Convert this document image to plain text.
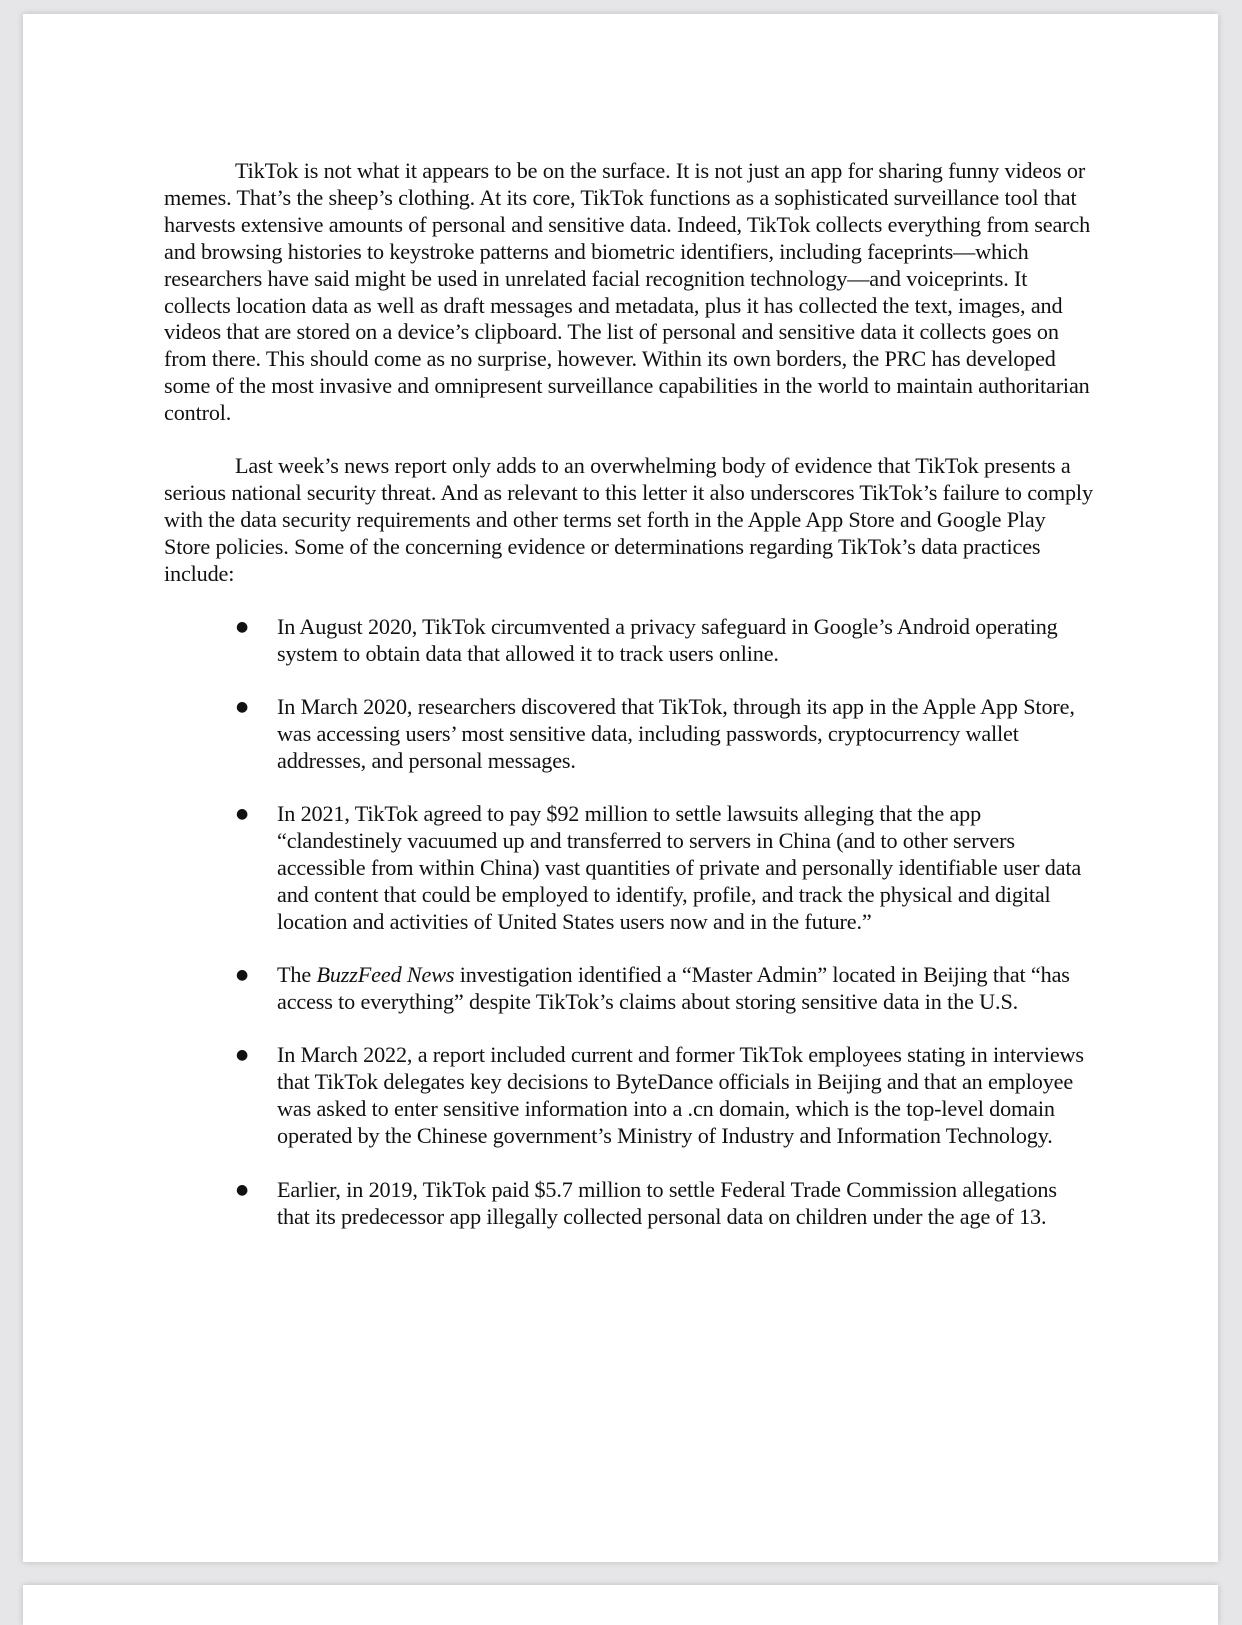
TikTok is not what it appears to be on the surface. It is not just an app for sharing funny videos or memes. That’s the sheep’s clothing. At its core, TikTok functions as a sophisticated surveillance tool that harvests extensive amounts of personal and sensitive data. Indeed, TikTok collects everything from search and browsing histories to keystroke patterns and biometric identifiers, including faceprints—which researchers have said might be used in unrelated facial recognition technology—and voiceprints. It collects location data as well as draft messages and metadata, plus it has collected the text, images, and videos that are stored on a device’s clipboard. The list of personal and sensitive data it collects goes on from there. This should come as no surprise, however. Within its own borders, the PRC has developed some of the most invasive and omnipresent surveillance capabilities in the world to maintain authoritarian control.

Last week’s news report only adds to an overwhelming body of evidence that TikTok presents a serious national security threat. And as relevant to this letter it also underscores TikTok’s failure to comply with the data security requirements and other terms set forth in the Apple App Store and Google Play Store policies. Some of the concerning evidence or determinations regarding TikTok’s data practices include:

● In August 2020, TikTok circumvented a privacy safeguard in Google’s Android operating system to obtain data that allowed it to track users online.
● In March 2020, researchers discovered that TikTok, through its app in the Apple App Store, was accessing users’ most sensitive data, including passwords, cryptocurrency wallet addresses, and personal messages.
● In 2021, TikTok agreed to pay $92 million to settle lawsuits alleging that the app “clandestinely vacuumed up and transferred to servers in China (and to other servers accessible from within China) vast quantities of private and personally identifiable user data and content that could be employed to identify, profile, and track the physical and digital location and activities of United States users now and in the future.”
● The BuzzFeed News investigation identified a “Master Admin” located in Beijing that “has access to everything” despite TikTok’s claims about storing sensitive data in the U.S.
● In March 2022, a report included current and former TikTok employees stating in interviews that TikTok delegates key decisions to ByteDance officials in Beijing and that an employee was asked to enter sensitive information into a .cn domain, which is the top-level domain operated by the Chinese government’s Ministry of Industry and Information Technology.
● Earlier, in 2019, TikTok paid $5.7 million to settle Federal Trade Commission allegations that its predecessor app illegally collected personal data on children under the age of 13.
